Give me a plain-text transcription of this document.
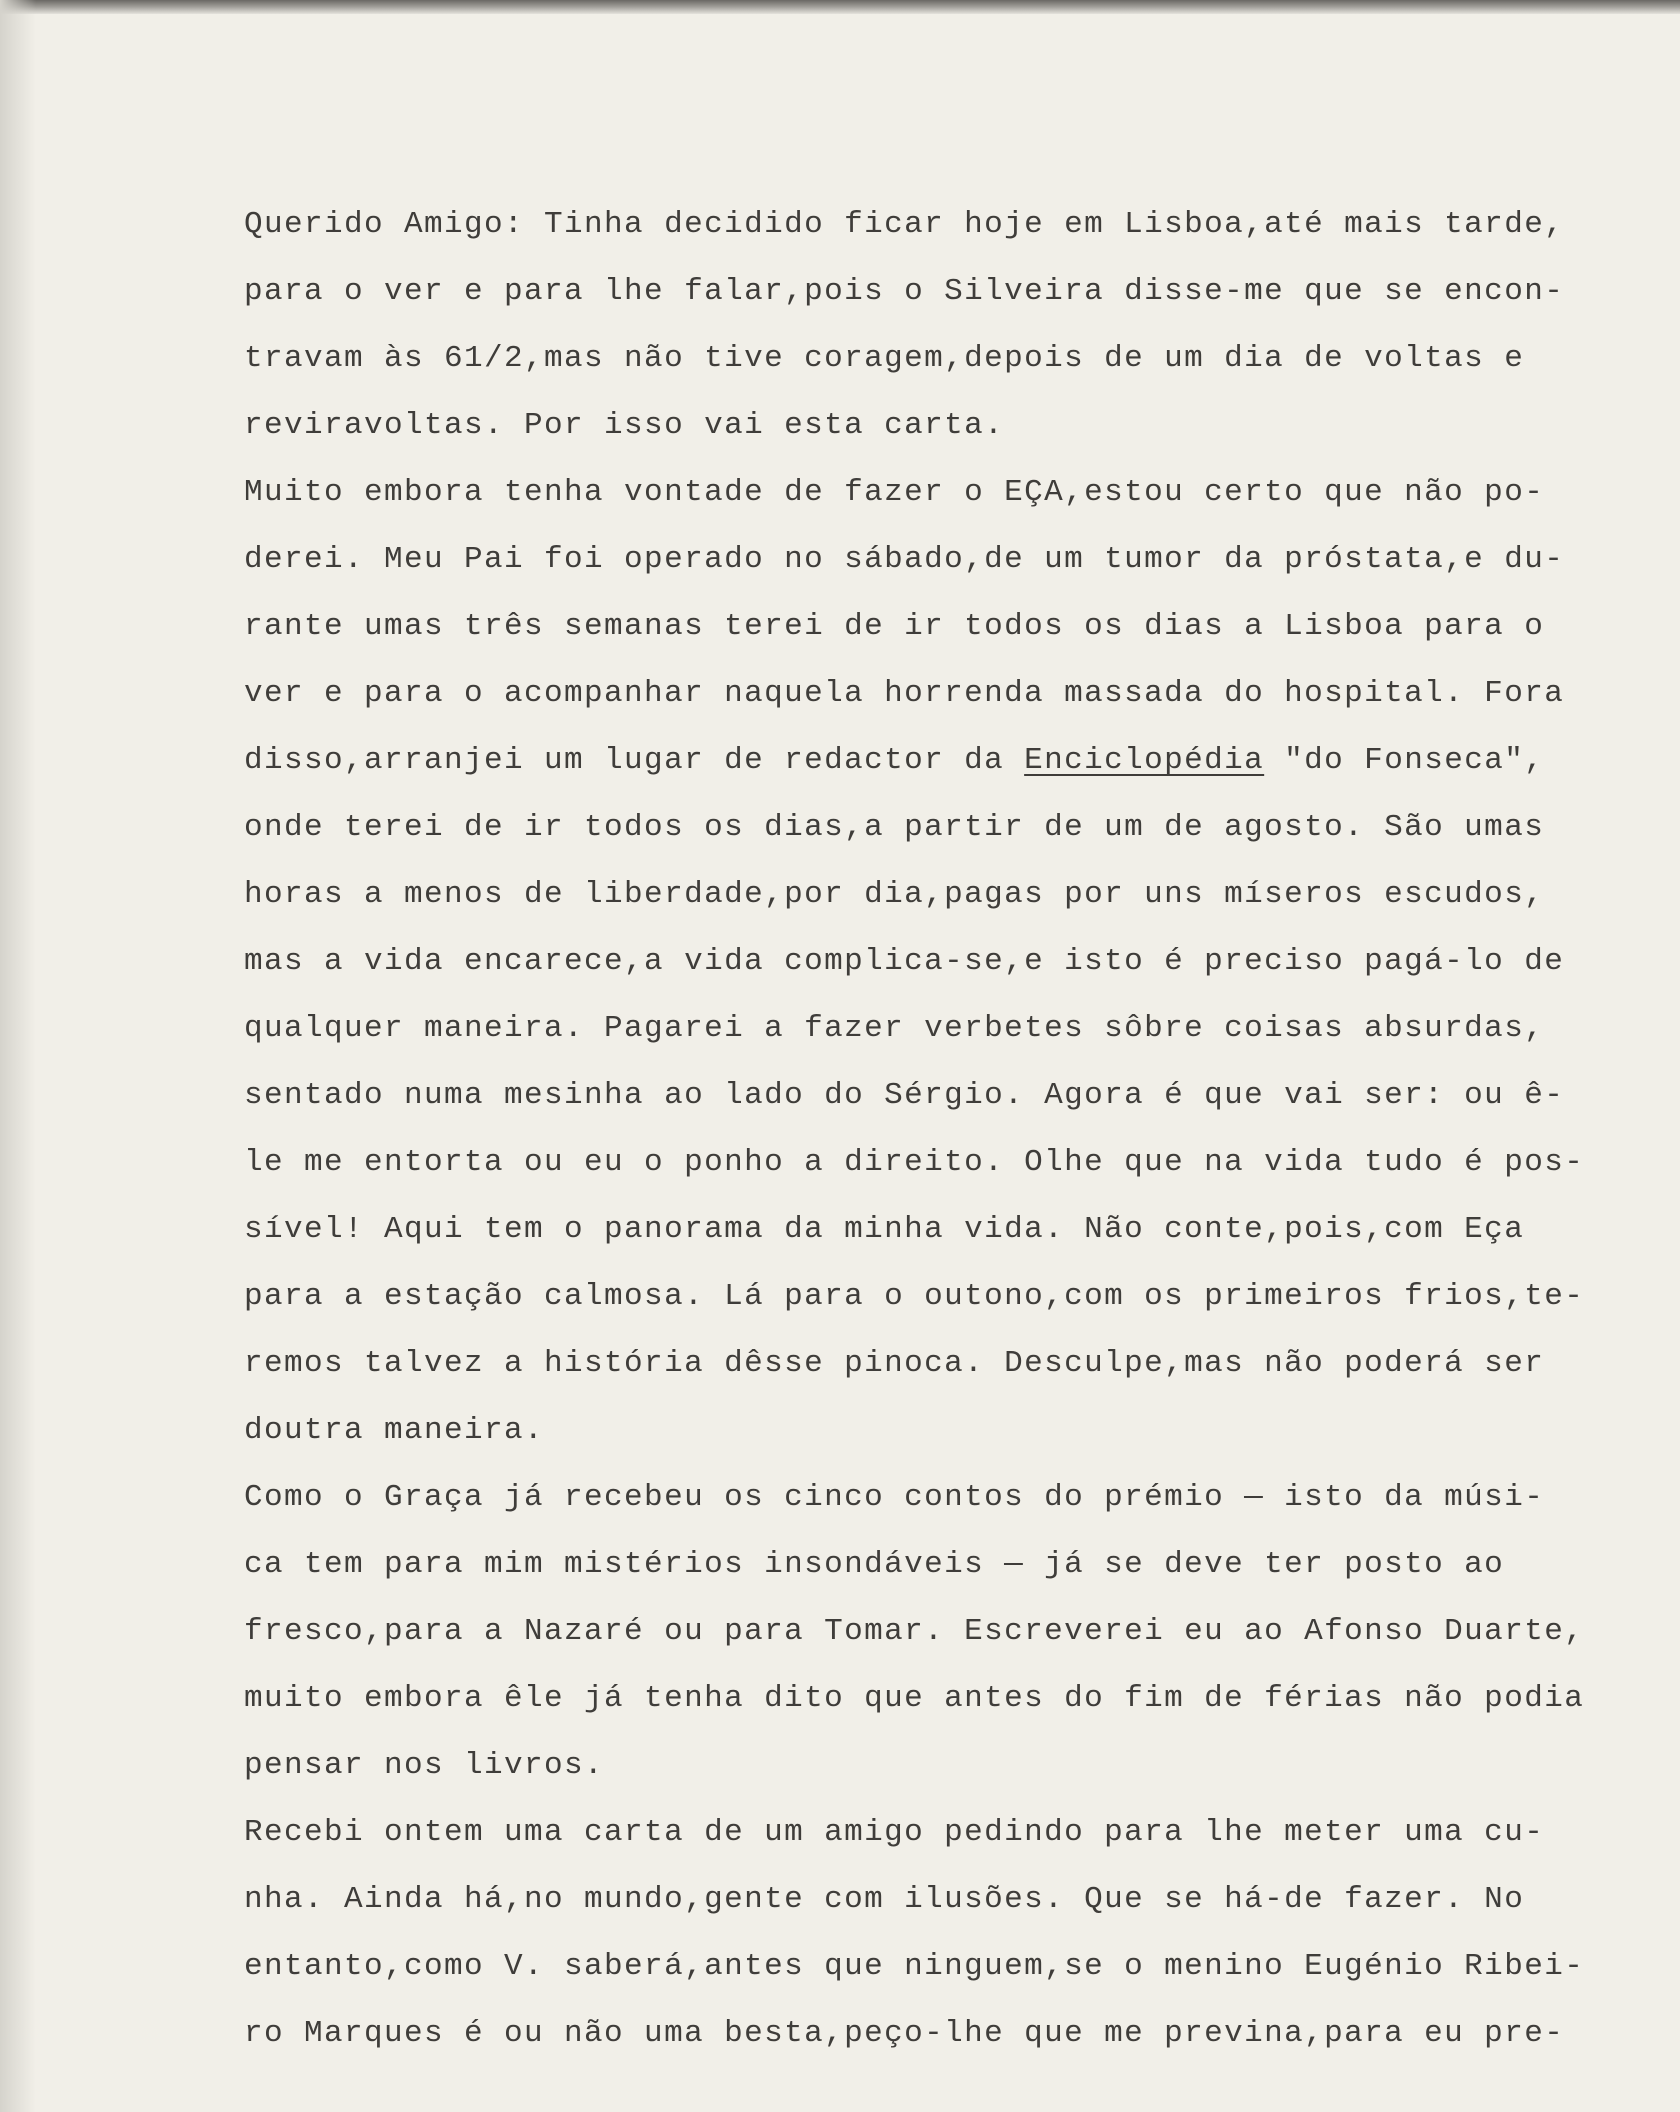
Querido Amigo: Tinha decidido ficar hoje em Lisboa,até mais tarde,
para o ver e para lhe falar,pois o Silveira disse-me que se encon-
travam às 61/2,mas não tive coragem,depois de um dia de voltas e
reviravoltas. Por isso vai esta carta.
Muito embora tenha vontade de fazer o EÇA,estou certo que não po-
derei. Meu Pai foi operado no sábado,de um tumor da próstata,e du-
rante umas três semanas terei de ir todos os dias a Lisboa para o
ver e para o acompanhar naquela horrenda massada do hospital. Fora
disso,arranjei um lugar de redactor da Enciclopédia "do Fonseca",
onde terei de ir todos os dias,a partir de um de agosto. São umas
horas a menos de liberdade,por dia,pagas por uns míseros escudos,
mas a vida encarece,a vida complica-se,e isto é preciso pagá-lo de
qualquer maneira. Pagarei a fazer verbetes sôbre coisas absurdas,
sentado numa mesinha ao lado do Sérgio. Agora é que vai ser: ou ê-
le me entorta ou eu o ponho a direito. Olhe que na vida tudo é pos-
sível! Aqui tem o panorama da minha vida. Não conte,pois,com Eça
para a estação calmosa. Lá para o outono,com os primeiros frios,te-
remos talvez a história dêsse pinoca. Desculpe,mas não poderá ser
doutra maneira.
Como o Graça já recebeu os cinco contos do prémio — isto da músi-
ca tem para mim mistérios insondáveis — já se deve ter posto ao
fresco,para a Nazaré ou para Tomar. Escreverei eu ao Afonso Duarte,
muito embora êle já tenha dito que antes do fim de férias não podia
pensar nos livros.
Recebi ontem uma carta de um amigo pedindo para lhe meter uma cu-
nha. Ainda há,no mundo,gente com ilusões. Que se há-de fazer. No
entanto,como V. saberá,antes que ninguem,se o menino Eugénio Ribei-
ro Marques é ou não uma besta,peço-lhe que me previna,para eu pre-
